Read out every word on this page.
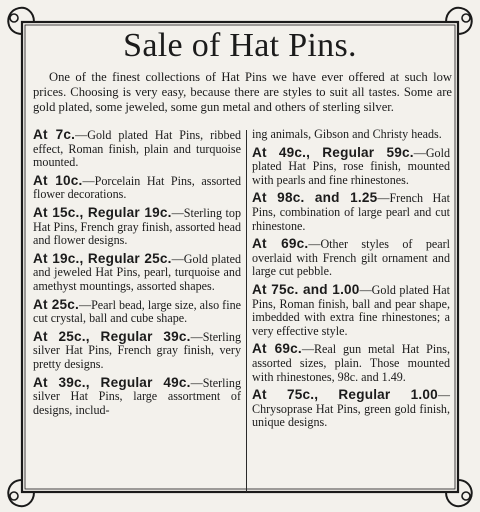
Sale of Hat Pins.
One of the finest collections of Hat Pins we have ever offered at such low prices. Choosing is very easy, because there are styles to suit all tastes. Some are gold plated, some jeweled, some gun metal and others of sterling silver.

At 7c.—Gold plated Hat Pins, ribbed effect, Roman finish, plain and turquoise mounted.

At 10c.—Porcelain Hat Pins, assorted flower decorations.

At 15c., Regular 19c.—Sterling top Hat Pins, French gray finish, assorted head and flower designs.

At 19c., Regular 25c.—Gold plated and jeweled Hat Pins, pearl, turquoise and amethyst mountings, assorted shapes.

At 25c.—Pearl bead, large size, also fine cut crystal, ball and cube shape.

At 25c., Regular 39c.—Sterling silver Hat Pins, French gray finish, very pretty designs.

At 39c., Regular 49c.—Sterling silver Hat Pins, large assortment of designs, includ-

ing animals, Gibson and Christy heads.

At 49c., Regular 59c.—Gold plated Hat Pins, rose finish, mounted with pearls and fine rhinestones.

At 98c. and 1.25—French Hat Pins, combination of large pearl and cut rhinestone.

At 69c.—Other styles of pearl overlaid with French gilt ornament and large cut pebble.

At 75c. and 1.00—Gold plated Hat Pins, Roman finish, ball and pear shape, imbedded with extra fine rhinestones; a very effective style.

At 69c.—Real gun metal Hat Pins, assorted sizes, plain. Those mounted with rhinestones, 98c. and 1.49.

At 75c., Regular 1.00—Chrysoprase Hat Pins, green gold finish, unique designs.
